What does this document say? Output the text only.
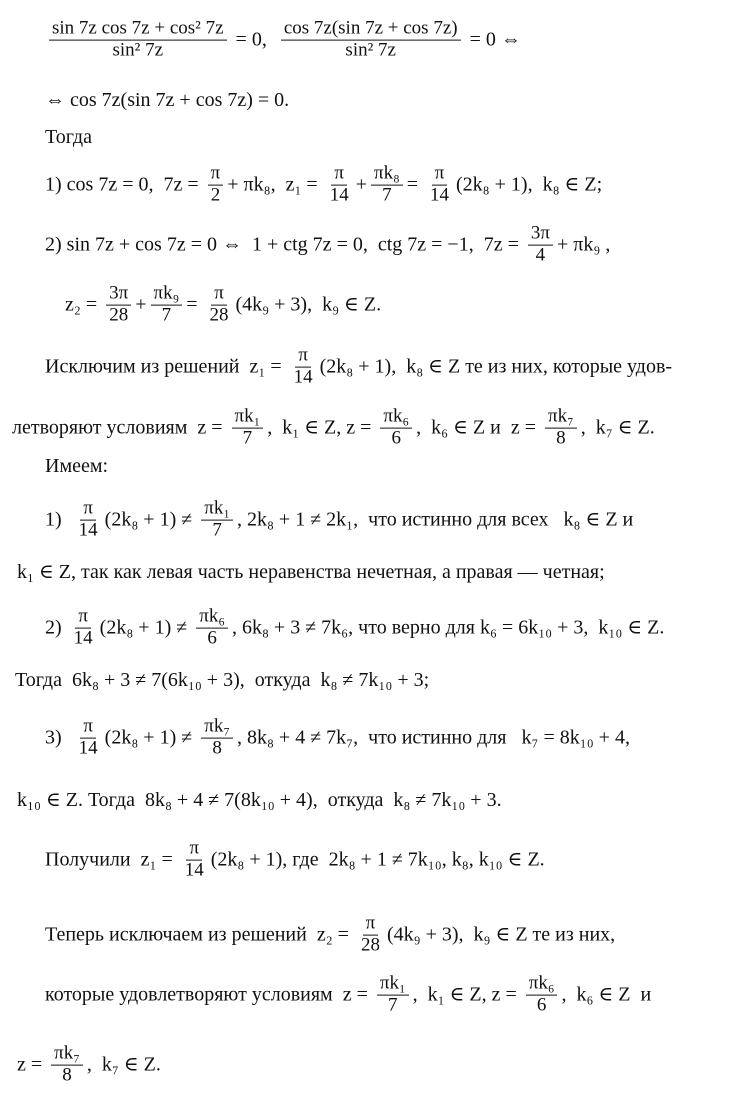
$\frac{\text{sin 7z cos 7z + cos² 7z}}{\text{sin² 7z}} = 0$, $\frac{\cos 7z(\sin 7z + \cos 7z)}{\text{sin² 7z}} = 0$ ⇔
⇔ cos 7z(sin 7z + cos 7z) = 0.
Тогда
1) cos 7z = 0,  $7z = \frac{\pi}{2} + \pi k_8$,  $z_1 = \frac{\pi}{14} + \frac{\text{πk₈}}{7} = \frac{\pi}{14} (2k_8 + 1)$,  k₈ ∈ Z;
2) sin 7z + cos 7z = 0 ⇔  1 + ctg 7z = 0,  ctg 7z = −1,  $7z = \frac{3\pi}{4} + \pi k_9$ ,
$z_2 = \frac{3\pi}{28} + \frac{\text{πk₉}}{7} = \frac{\pi}{28} (4k_9 + 3)$,  k₉ ∈ Z.
Исключим из решений  $z_1 = \frac{\pi}{14} (2k_8 + 1)$,  k₈ ∈ Z те из них, которые удов-
летворяют условиям  $z = \frac{\text{πk₁}}{7}$ ,  k₁ ∈ Z, $z = \frac{\text{πk₆}}{6}$ ,  k₆ ∈ Z и  $z = \frac{\text{πk₇}}{8}$ ,  k₇ ∈ Z.
Имеем:
$1) \frac{\pi}{14} (2k_8 + 1) \ne \frac{\text{πk₁}}{7}$ , 2k₈ + 1 ≠ 2k₁,  что истинно для всех   k₈ ∈ Z и
k₁ ∈ Z, так как левая часть неравенства нечетная, а правая — четная;
$2) \frac{\pi}{14} (2k_8 + 1) \ne \frac{\text{πk₆}}{6}$ , 6k₈ + 3 ≠ 7k₆, что верно для k₆ = 6k₁₀ + 3,  k₁₀ ∈ Z.
Тогда  6k₈ + 3 ≠ 7(6k₁₀ + 3),  откуда  k₈ ≠ 7k₁₀ + 3;
$3) \frac{\pi}{14} (2k_8 + 1) \ne \frac{\text{πk₇}}{8}$ , 8k₈ + 4 ≠ 7k₇,  что истинно для   k₇ = 8k₁₀ + 4,
k₁₀ ∈ Z. Тогда  8k₈ + 4 ≠ 7(8k₁₀ + 4),  откуда  k₈ ≠ 7k₁₀ + 3.
Получили  $z_1 = \frac{\pi}{14} (2k_8 + 1)$, где  2k₈ + 1 ≠ 7k₁₀, k₈, k₁₀ ∈ Z.
Теперь исключаем из решений  $z_2 = \frac{\pi}{28} (4k_9 + 3)$,  k₉ ∈ Z те из них,
которые удовлетворяют условиям  $z = \frac{\text{πk₁}}{7}$ ,  k₁ ∈ Z, $z = \frac{\text{πk₆}}{6}$ ,  k₆ ∈ Z  и
$z = \frac{\text{πk₇}}{8}$ ,  k₇ ∈ Z.
